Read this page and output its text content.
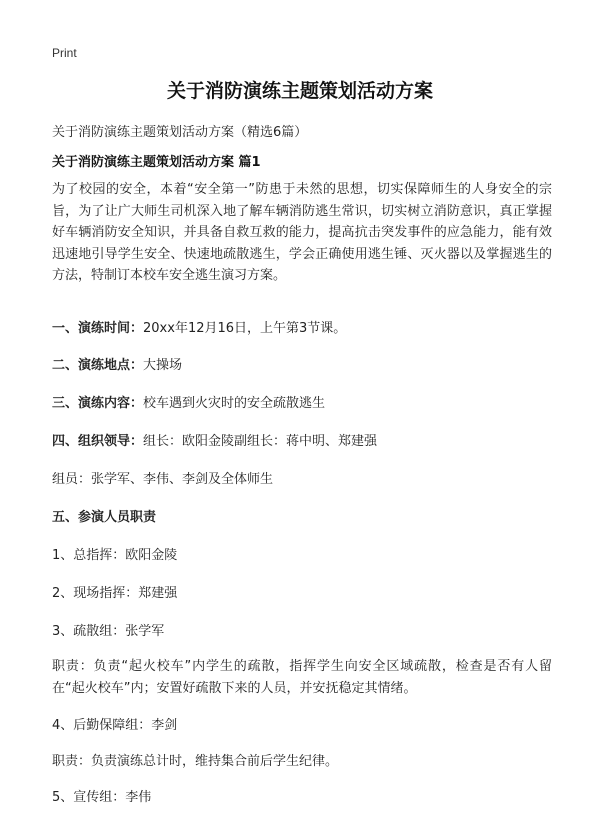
Print
关于消防演练主题策划活动方案
关于消防演练主题策划活动方案（精选6篇）
关于消防演练主题策划活动方案 篇1
为了校园的安全，本着“安全第一”防患于未然的思想，切实保障师生的人身安全的宗旨，为了让广大师生司机深入地了解车辆消防逃生常识，切实树立消防意识，真正掌握好车辆消防安全知识，并具备自救互救的能力，提高抗击突发事件的应急能力，能有效迅速地引导学生安全、快速地疏散逃生，学会正确使用逃生锤、灭火器以及掌握逃生的方法，特制订本校车安全逃生演习方案。
一、演练时间：20xx年12月16日，上午第3节课。
二、演练地点：大操场
三、演练内容：校车遇到火灾时的安全疏散逃生
四、组织领导：组长：欧阳金陵副组长：蒋中明、郑建强
组员：张学军、李伟、李剑及全体师生
五、参演人员职责
1、总指挥：欧阳金陵
2、现场指挥：郑建强
3、疏散组：张学军
职责：负责“起火校车”内学生的疏散，指挥学生向安全区域疏散，检查是否有人留在“起火校车”内；安置好疏散下来的人员，并安抚稳定其情绪。
4、后勤保障组：李剑
职责：负责演练总计时，维持集合前后学生纪律。
5、宣传组：李伟
